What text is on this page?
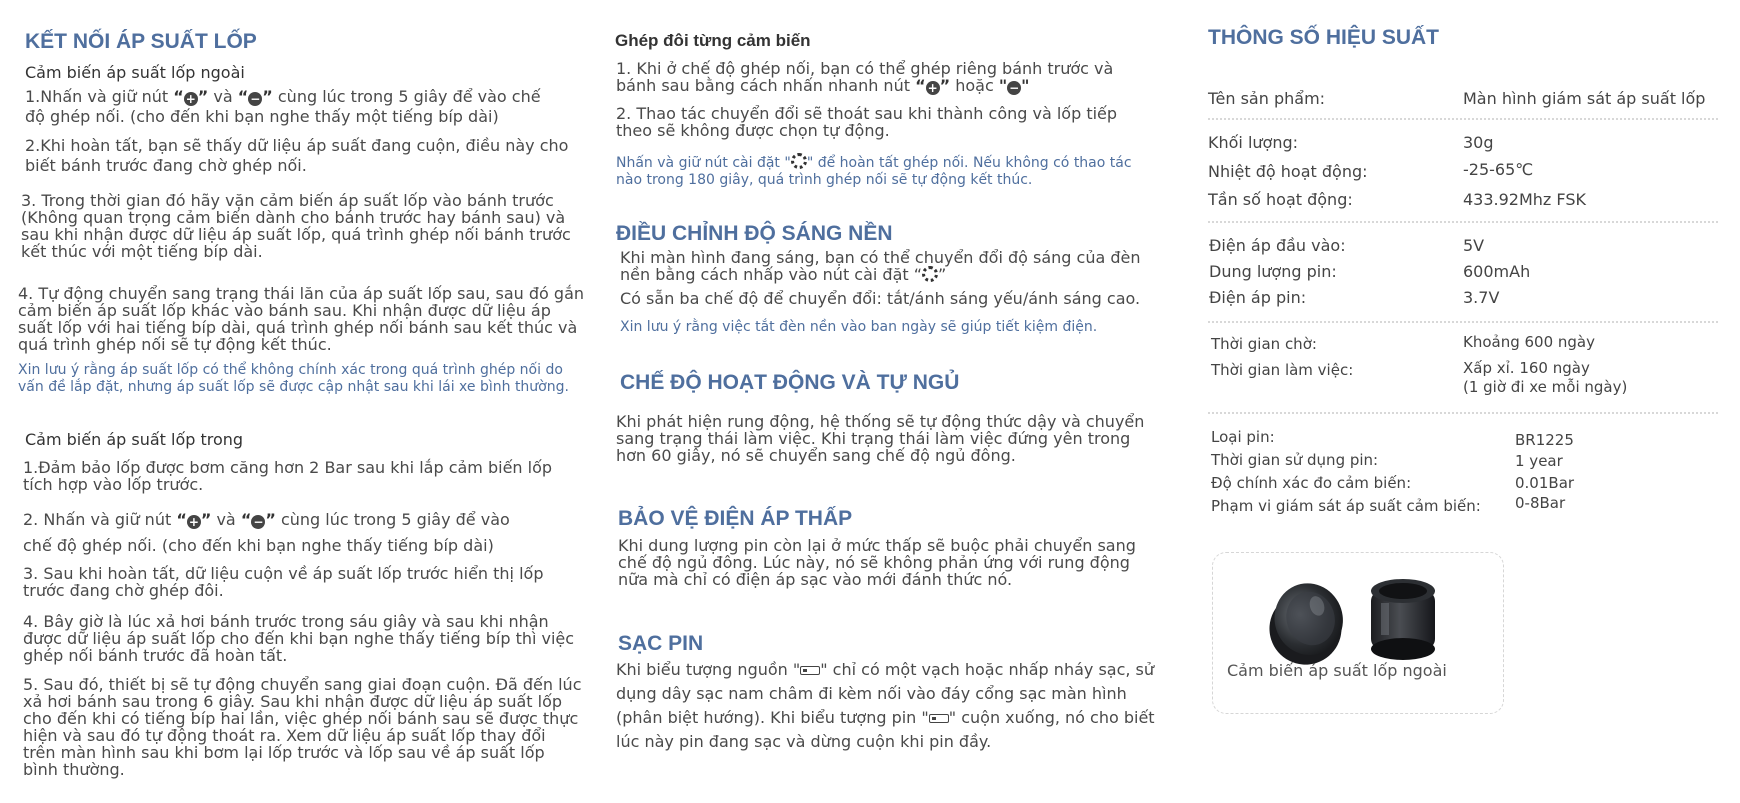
KẾT NỐI ÁP SUẤT LỐP
Cảm biến áp suất lốp ngoài
1.Nhấn và giữ nút “ + ” và “ − ” cùng lúc trong 5 giây để vào chế
độ ghép nối. (cho đến khi bạn nghe thấy một tiếng bíp dài)
2.Khi hoàn tất, bạn sẽ thấy dữ liệu áp suất đang cuộn, điều này cho biết bánh trước đang chờ ghép nối.
3. Trong thời gian đó hãy vặn cảm biến áp suất lốp vào bánh trước (Không quan trọng cảm biến dành cho bánh trước hay bánh sau) và sau khi nhận được dữ liệu áp suất lốp, quá trình ghép nối bánh trước kết thúc với một tiếng bíp dài.
4. Tự động chuyển sang trạng thái lăn của áp suất lốp sau, sau đó gắn cảm biến áp suất lốp khác vào bánh sau. Khi nhận được dữ liệu áp suất lốp với hai tiếng bíp dài, quá trình ghép nối bánh sau kết thúc và quá trình ghép nối sẽ tự động kết thúc.
Xin lưu ý rằng áp suất lốp có thể không chính xác trong quá trình ghép nối do vấn đề lắp đặt, nhưng áp suất lốp sẽ được cập nhật sau khi lái xe bình thường.
Cảm biến áp suất lốp trong
1.Đảm bảo lốp được bơm căng hơn 2 Bar sau khi lắp cảm biến lốp tích hợp vào lốp trước.
2. Nhấn và giữ nút “ + ” và “ − ” cùng lúc trong 5 giây để vào
chế độ ghép nối. (cho đến khi bạn nghe thấy tiếng bíp dài)
3. Sau khi hoàn tất, dữ liệu cuộn về áp suất lốp trước hiển thị lốp trước đang chờ ghép đôi.
4. Bây giờ là lúc xả hơi bánh trước trong sáu giây và sau khi nhận được dữ liệu áp suất lốp cho đến khi bạn nghe thấy tiếng bíp thì việc ghép nối bánh trước đã hoàn tất.
5. Sau đó, thiết bị sẽ tự động chuyển sang giai đoạn cuộn. Đã đến lúc xả hơi bánh sau trong 6 giây. Sau khi nhận được dữ liệu áp suất lốp cho đến khi có tiếng bíp hai lần, việc ghép nối bánh sau sẽ được thực hiện và sau đó tự động thoát ra. Xem dữ liệu áp suất lốp thay đổi trên màn hình sau khi bơm lại lốp trước và lốp sau về áp suất lốp bình thường.
Ghép đôi từng cảm biến
1. Khi ở chế độ ghép nối, bạn có thể ghép riêng bánh trước và
bánh sau bằng cách nhấn nhanh nút “ + ” hoặc " − "
2. Thao tác chuyển đổi sẽ thoát sau khi thành công và lốp tiếp theo sẽ không được chọn tự động.
Nhấn và giữ nút cài đặt " " để hoàn tất ghép nối. Nếu không có thao tác nào trong 180 giây, quá trình ghép nối sẽ tự động kết thúc.
ĐIỀU CHỈNH ĐỘ SÁNG NỀN
Khi màn hình đang sáng, bạn có thể chuyển đổi độ sáng của đèn nền bằng cách nhấp vào nút cài đặt “ ”
Có sẵn ba chế độ để chuyển đổi: tắt/ánh sáng yếu/ánh sáng cao.
Xin lưu ý rằng việc tắt đèn nền vào ban ngày sẽ giúp tiết kiệm điện.
CHẾ ĐỘ HOẠT ĐỘNG VÀ TỰ NGỦ
Khi phát hiện rung động, hệ thống sẽ tự động thức dậy và chuyển sang trạng thái làm việc. Khi trạng thái làm việc đứng yên trong hơn 60 giây, nó sẽ chuyển sang chế độ ngủ đông.
BẢO VỆ ĐIỆN ÁP THẤP
Khi dung lượng pin còn lại ở mức thấp sẽ buộc phải chuyển sang chế độ ngủ đông. Lúc này, nó sẽ không phản ứng với rung động nữa mà chỉ có điện áp sạc vào mới đánh thức nó.
SẠC PIN
Khi biểu tượng nguồn " " chỉ có một vạch hoặc nhấp nháy sạc, sử dụng dây sạc nam châm đi kèm nối vào đáy cổng sạc màn hình (phân biệt hướng). Khi biểu tượng pin " " cuộn xuống, nó cho biết lúc này pin đang sạc và dừng cuộn khi pin đầy.
THÔNG SỐ HIỆU SUẤT
Tên sản phẩm:	Màn hình giám sát áp suất lốp
Khối lượng:	30g
Nhiệt độ hoạt động:	-25-65℃
Tần số hoạt động:	433.92Mhz FSK
Điện áp đầu vào:	5V
Dung lượng pin:	600mAh
Điện áp pin:	3.7V
Thời gian chờ:	Khoảng 600 ngày
Thời gian làm việc:	Xấp xỉ. 160 ngày
(1 giờ đi xe mỗi ngày)
Loại pin:	BR1225
Thời gian sử dụng pin:	1 year
Độ chính xác đo cảm biến:	0.01Bar
Phạm vi giám sát áp suất cảm biến: 0-8Bar
Cảm biến áp suất lốp ngoài
